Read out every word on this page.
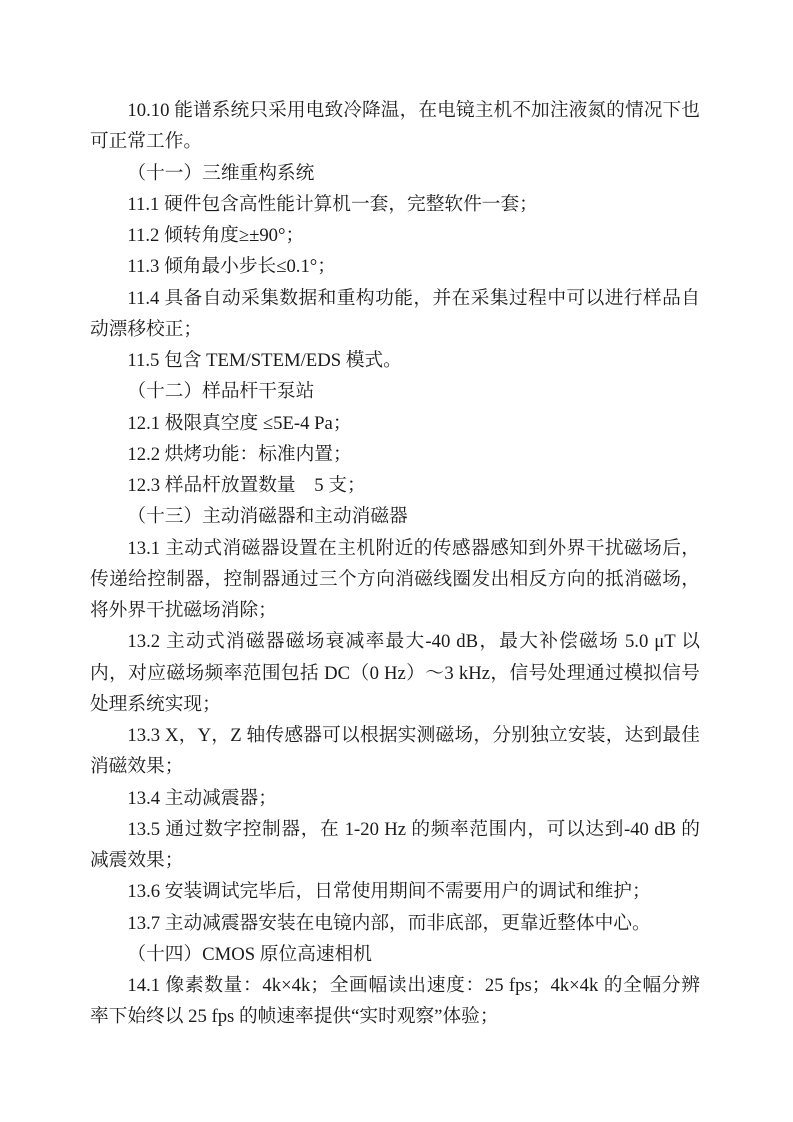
10.10 能谱系统只采用电致冷降温，在电镜主机不加注液氮的情况下也可正常工作。

（十一）三维重构系统

11.1 硬件包含高性能计算机一套，完整软件一套；

11.2 倾转角度≥±90°；

11.3 倾角最小步长≤0.1°；

11.4 具备自动采集数据和重构功能，并在采集过程中可以进行样品自动漂移校正；

11.5 包含 TEM/STEM/EDS 模式。

（十二）样品杆干泵站

12.1 极限真空度 ≤5E-4 Pa；

12.2 烘烤功能：标准内置；

12.3 样品杆放置数量　5 支；

（十三）主动消磁器和主动消磁器

13.1 主动式消磁器设置在主机附近的传感器感知到外界干扰磁场后，传递给控制器，控制器通过三个方向消磁线圈发出相反方向的抵消磁场，将外界干扰磁场消除；

13.2 主动式消磁器磁场衰减率最大-40 dB，最大补偿磁场 5.0 μT 以内，对应磁场频率范围包括 DC（0 Hz）～3 kHz，信号处理通过模拟信号处理系统实现；

13.3 X，Y，Z 轴传感器可以根据实测磁场，分别独立安装，达到最佳消磁效果；

13.4 主动减震器；

13.5 通过数字控制器，在 1-20 Hz 的频率范围内，可以达到-40 dB 的减震效果；

13.6 安装调试完毕后，日常使用期间不需要用户的调试和维护；

13.7 主动减震器安装在电镜内部，而非底部，更靠近整体中心。

（十四）CMOS 原位高速相机

14.1 像素数量：4k×4k；全画幅读出速度：25 fps；4k×4k 的全幅分辨率下始终以 25 fps 的帧速率提供“实时观察”体验；
